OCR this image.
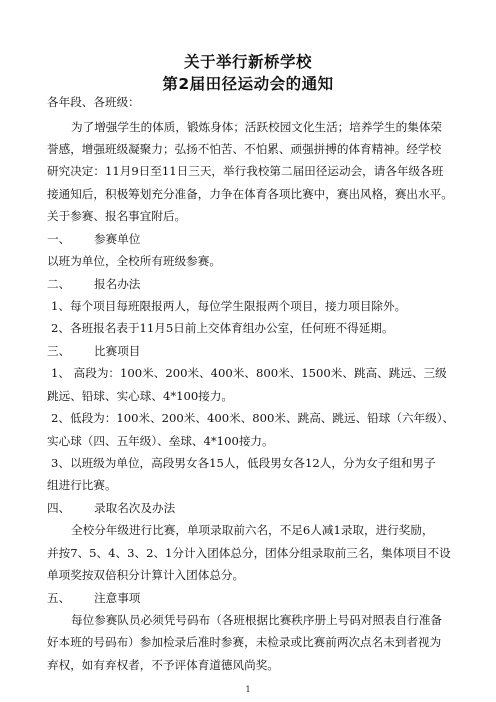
关于举行新桥学校
第2届田径运动会的通知
各年段、各班级：
为了增强学生的体质，锻炼身体；活跃校园文化生活；培养学生的集体荣
誉感，增强班级凝聚力；弘扬不怕苦、不怕累、顽强拼搏的体育精神。经学校
研究决定：11月9日至11日三天，举行我校第二届田径运动会，请各年级各班
接通知后，积极筹划充分准备，力争在体育各项比赛中，赛出风格，赛出水平。
关于参赛、报名事宜附后。
一、 参赛单位
以班为单位，全校所有班级参赛。
二、 报名办法
1、每个项目每班限报两人，每位学生限报两个项目，接力项目除外。
2、各班报名表于11月5日前上交体育组办公室，任何班不得延期。
三、 比赛项目
1、 高段为：100米、200米、400米、800米、1500米、跳高、跳远、三级
跳远、铅球、实心球、4*100接力。
2、低段为：100米、200米、400米、800米、跳高、跳远、铅球（六年级）、
实心球（四、五年级）、垒球、4*100接力。
3、以班级为单位，高段男女各15人，低段男女各12人，分为女子组和男子
组进行比赛。
四、 录取名次及办法
全校分年级进行比赛，单项录取前六名，不足6人减1录取，进行奖励，
并按7、5、4、3、2、1分计入团体总分，团体分组录取前三名，集体项目不设
单项奖按双倍积分计算计入团体总分。
五、 注意事项
每位参赛队员必须凭号码布（各班根据比赛秩序册上号码对照表自行准备
好本班的号码布）参加检录后准时参赛，未检录或比赛前两次点名未到者视为
弃权，如有弃权者，不予评体育道德风尚奖。
1
